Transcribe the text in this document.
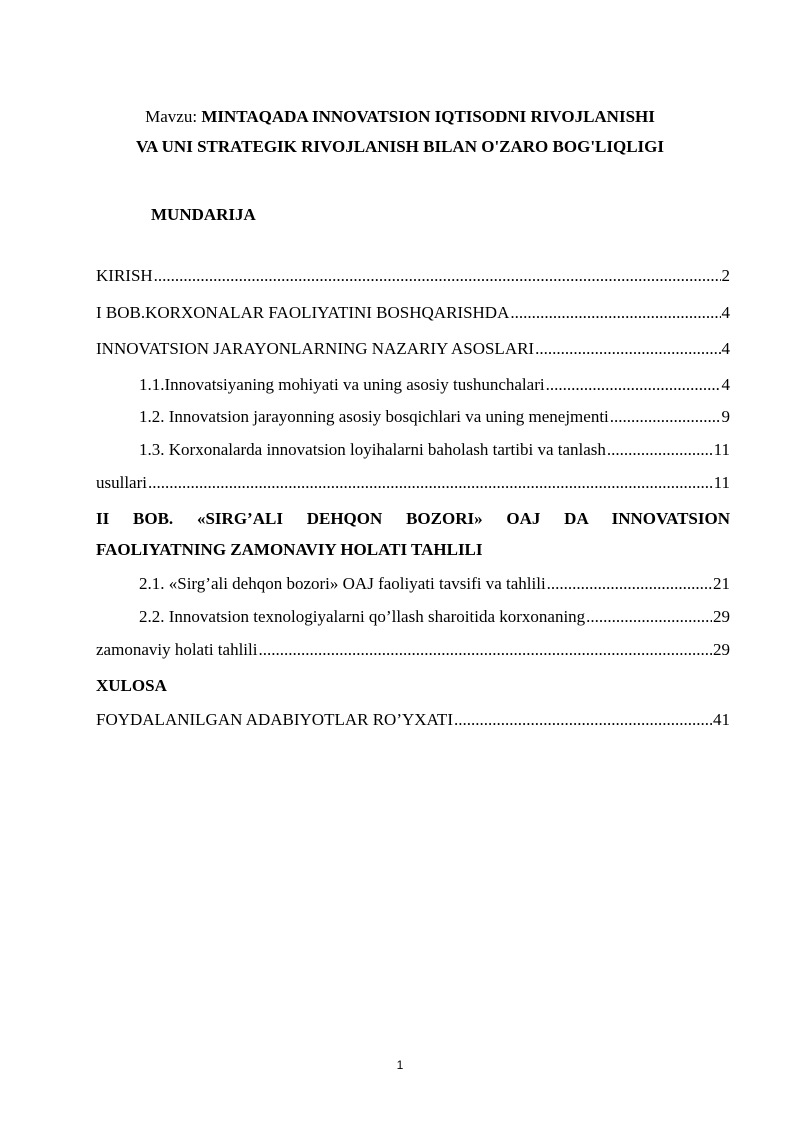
Mavzu: MINTAQADA INNOVATSION IQTISODNI RIVOJLANISHI
VA UNI STRATEGIK RIVOJLANISH BILAN O'ZARO BOG'LIQLIGI
MUNDARIJA
KIRISH .....	2
I BOB.KORXONALAR FAOLIYATINI BOSHQARISHDA .....	4
INNOVATSION JARAYONLARNING NAZARIY ASOSLARI .....	4
1.1.Innovatsiyaning mohiyati va uning asosiy tushunchalari .....	4
1.2. Innovatsion jarayonning asosiy bosqichlari va uning menejmenti .....	9
1.3. Korxonalarda innovatsion loyihalarni baholash tartibi va tanlash .....	11
usullari .....	11
II BOB. «SIRG’ALI DEHQON BOZORI» OAJ DA INNOVATSION
FAOLIYATNING ZAMONAVIY HOLATI TAHLILI
2.1. «Sirg’ali dehqon bozori» OAJ faoliyati tavsifi va tahlili .....	21
2.2. Innovatsion texnologiyalarni qo’llash sharoitida korxonaning .....	29
zamonaviy holati tahlili .....	29
XULOSA
FOYDALANILGAN ADABIYOTLAR RO’YXATI .....	41
1
